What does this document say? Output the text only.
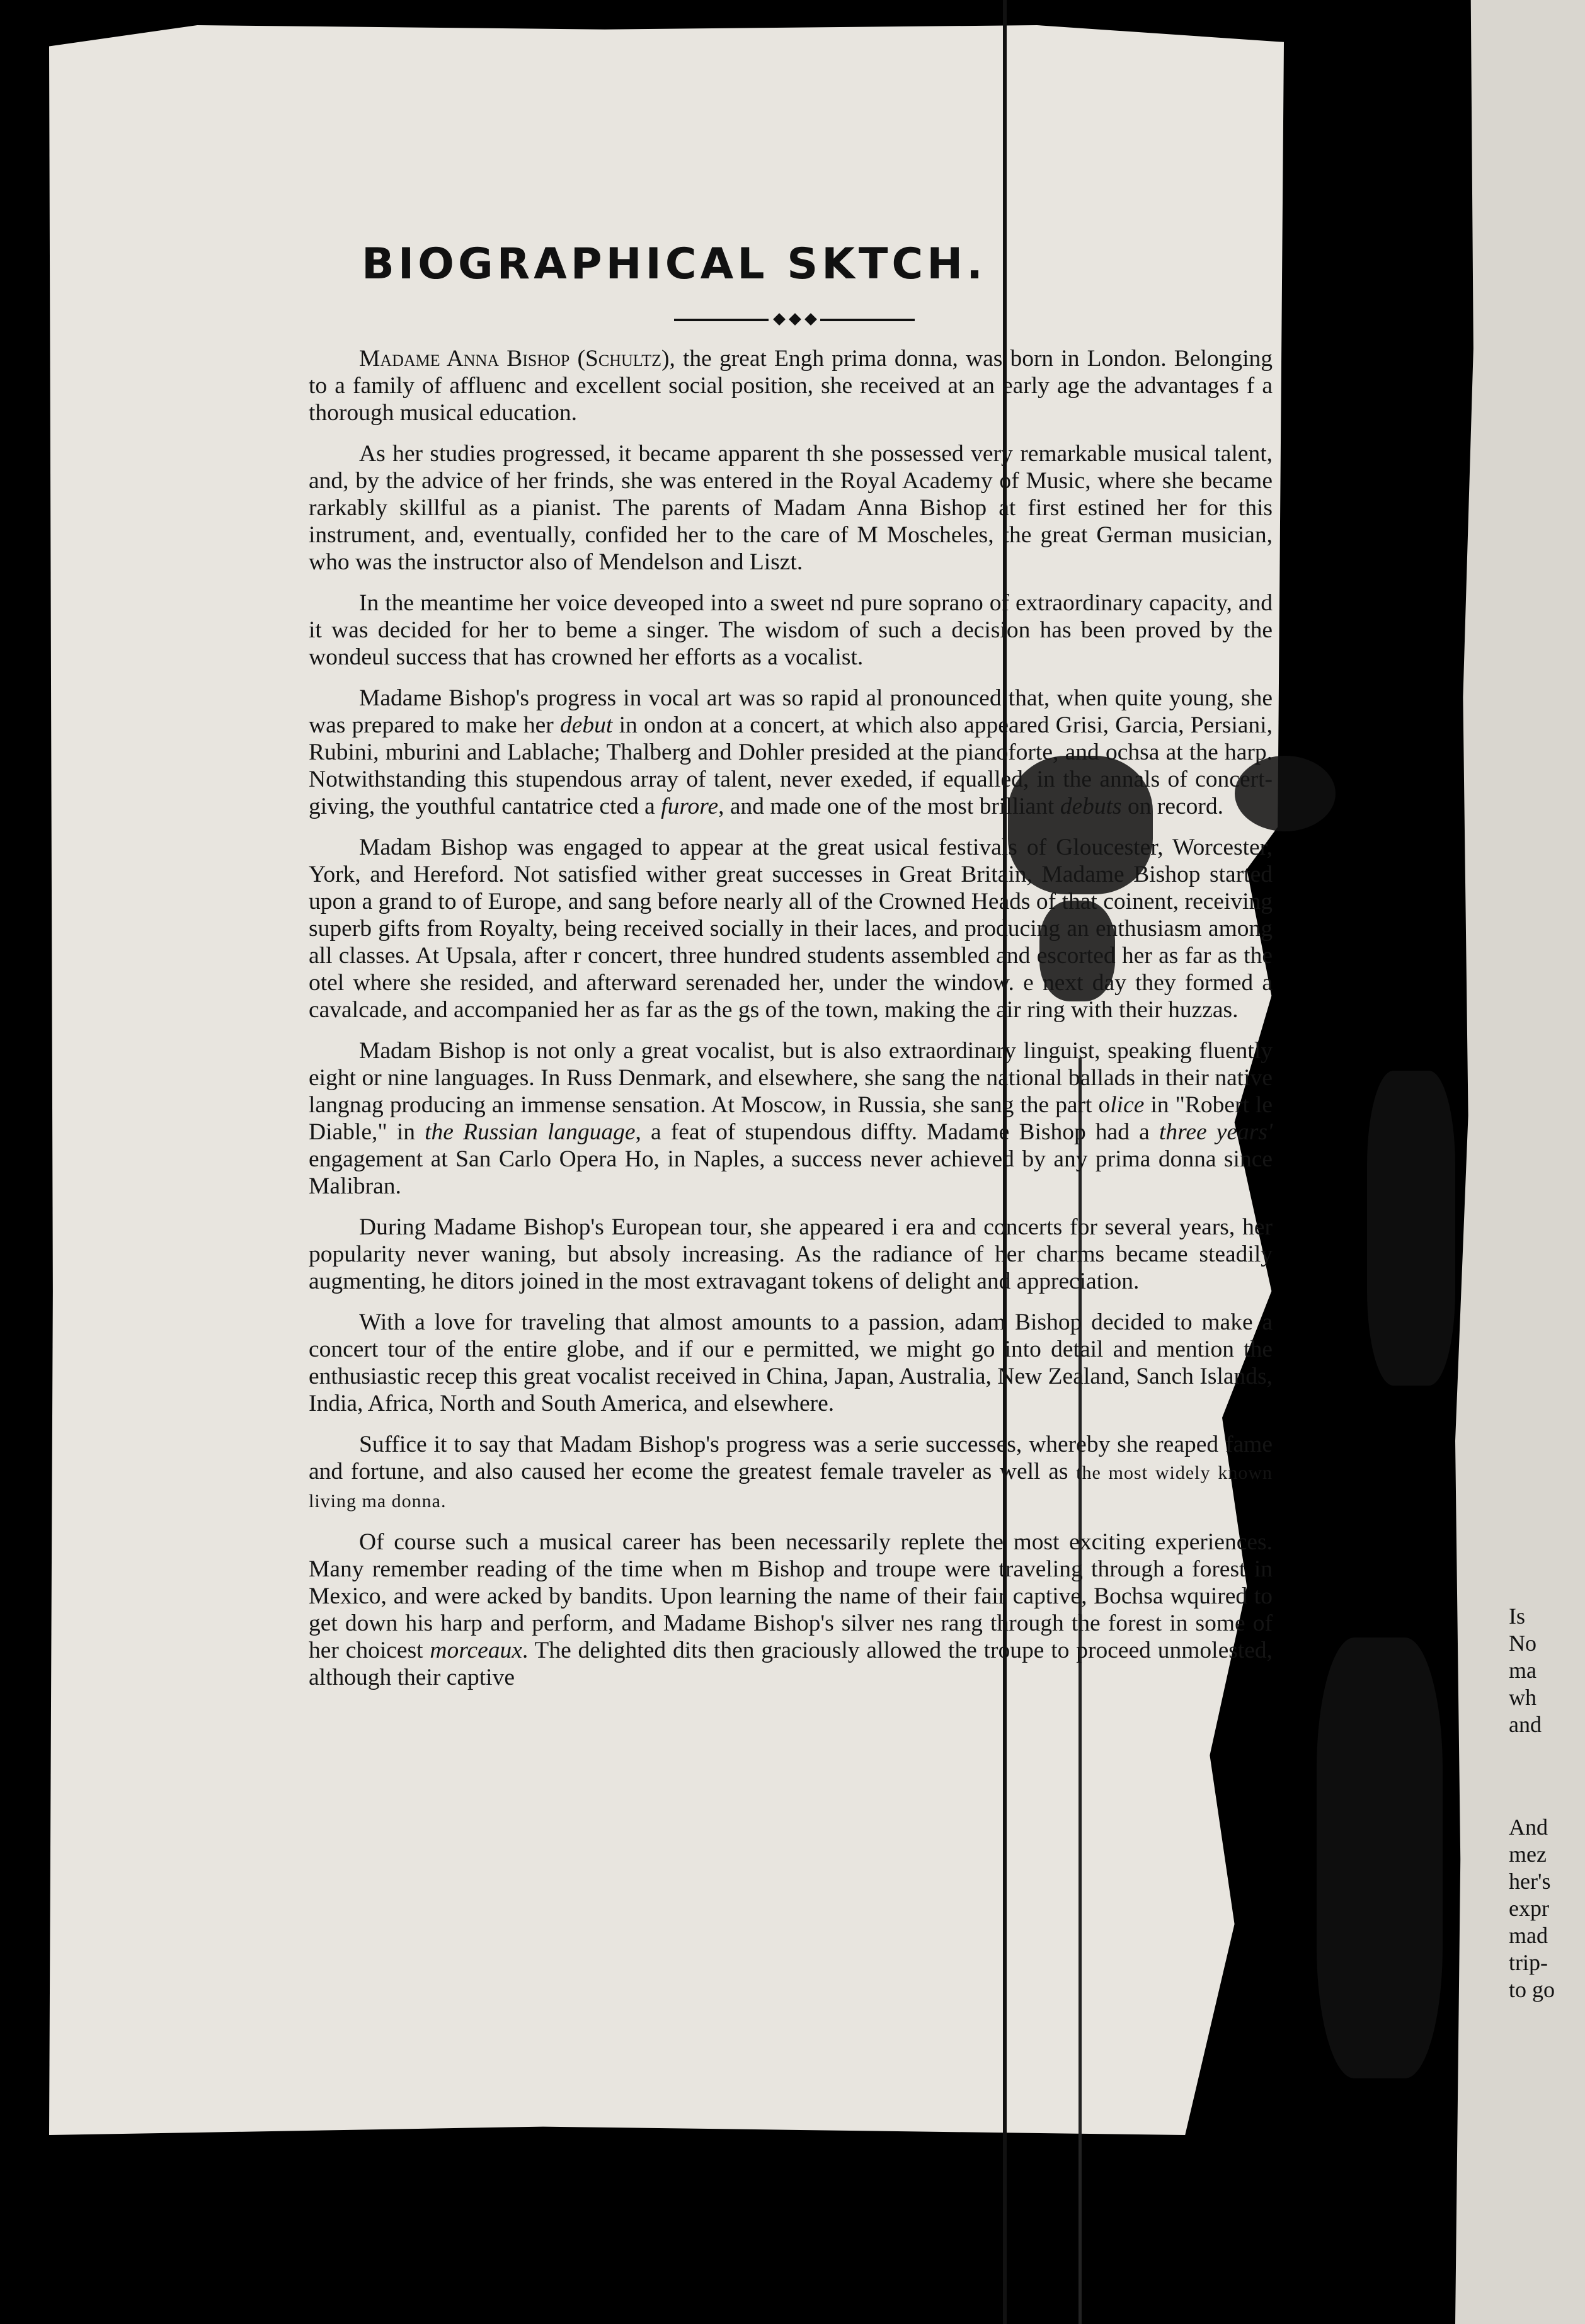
BIOGRAPHICAL SKTCH.

Madame Anna Bishop (Schultz), the great Engh prima donna, was born in London. Belonging to a family of affluenc and excellent social position, she received at an early age the advantages f a thorough musical education.

As her studies progressed, it became apparent th she possessed very remarkable musical talent, and, by the advice of her frinds, she was entered in the Royal Academy of Music, where she became rarkably skillful as a pianist. The parents of Madam Anna Bishop at first estined her for this instrument, and, eventually, confided her to the care of M Moscheles, the great German musician, who was the instructor also of Mendelson and Liszt.

In the meantime her voice deveoped into a sweet nd pure soprano of extraordinary capacity, and it was decided for her to beme a singer. The wisdom of such a decision has been proved by the wondeul success that has crowned her efforts as a vocalist.

Madame Bishop's progress in vocal art was so rapid al pronounced that, when quite young, she was prepared to make her debut in ondon at a concert, at which also appeared Grisi, Garcia, Persiani, Rubini, mburini and Lablache; Thalberg and Dohler presided at the pianoforte, and ochsa at the harp. Notwithstanding this stupendous array of talent, never exeded, if equalled, in the annals of concert-giving, the youthful cantatrice cted a furore, and made one of the most brilliant debuts on record.

Madam Bishop was engaged to appear at the great usical festivals of Gloucester, Worcester, York, and Hereford. Not satisfied wither great successes in Great Britain, Madame Bishop started upon a grand to of Europe, and sang before nearly all of the Crowned Heads of that coinent, receiving superb gifts from Royalty, being received socially in their laces, and producing an enthusiasm among all classes. At Upsala, after r concert, three hundred students assembled and escorted her as far as the otel where she resided, and afterward serenaded her, under the window. e next day they formed a cavalcade, and accompanied her as far as the gs of the town, making the air ring with their huzzas.

Madam Bishop is not only a great vocalist, but is also extraordinary linguist, speaking fluently eight or nine languages. In Russ Denmark, and elsewhere, she sang the national ballads in their native langnag producing an immense sensation. At Moscow, in Russia, she sang the part olice in "Robert le Diable," in the Russian language, a feat of stupendous diffty. Madame Bishop had a three years' engagement at San Carlo Opera Ho, in Naples, a success never achieved by any prima donna since Malibran.

During Madame Bishop's European tour, she appeared i era and concerts for several years, her popularity never waning, but absoly increasing. As the radiance of her charms became steadily augmenting, he ditors joined in the most extravagant tokens of delight and appreciation.

With a love for traveling that almost amounts to a passion, adam Bishop decided to make a concert tour of the entire globe, and if our e permitted, we might go into detail and mention the enthusiastic recep this great vocalist received in China, Japan, Australia, New Zealand, Sanch Islands, India, Africa, North and South America, and elsewhere.

Suffice it to say that Madam Bishop's progress was a serie successes, whereby she reaped fame and fortune, and also caused her ecome the greatest female traveler as well as the most widely known living ma donna.

Of course such a musical career has been necessarily replete the most exciting experiences. Many remember reading of the time when m Bishop and troupe were traveling through a forest in Mexico, and were acked by bandits. Upon learning the name of their fair captive, Bochsa wquired to get down his harp and perform, and Madame Bishop's silver nes rang through the forest in some of her choicest morceaux. The delighted dits then graciously allowed the troupe to proceed unmolested, although their captive

Is
No
ma
wh
and
And
mez
her's
expr
mad
trip-
to go
